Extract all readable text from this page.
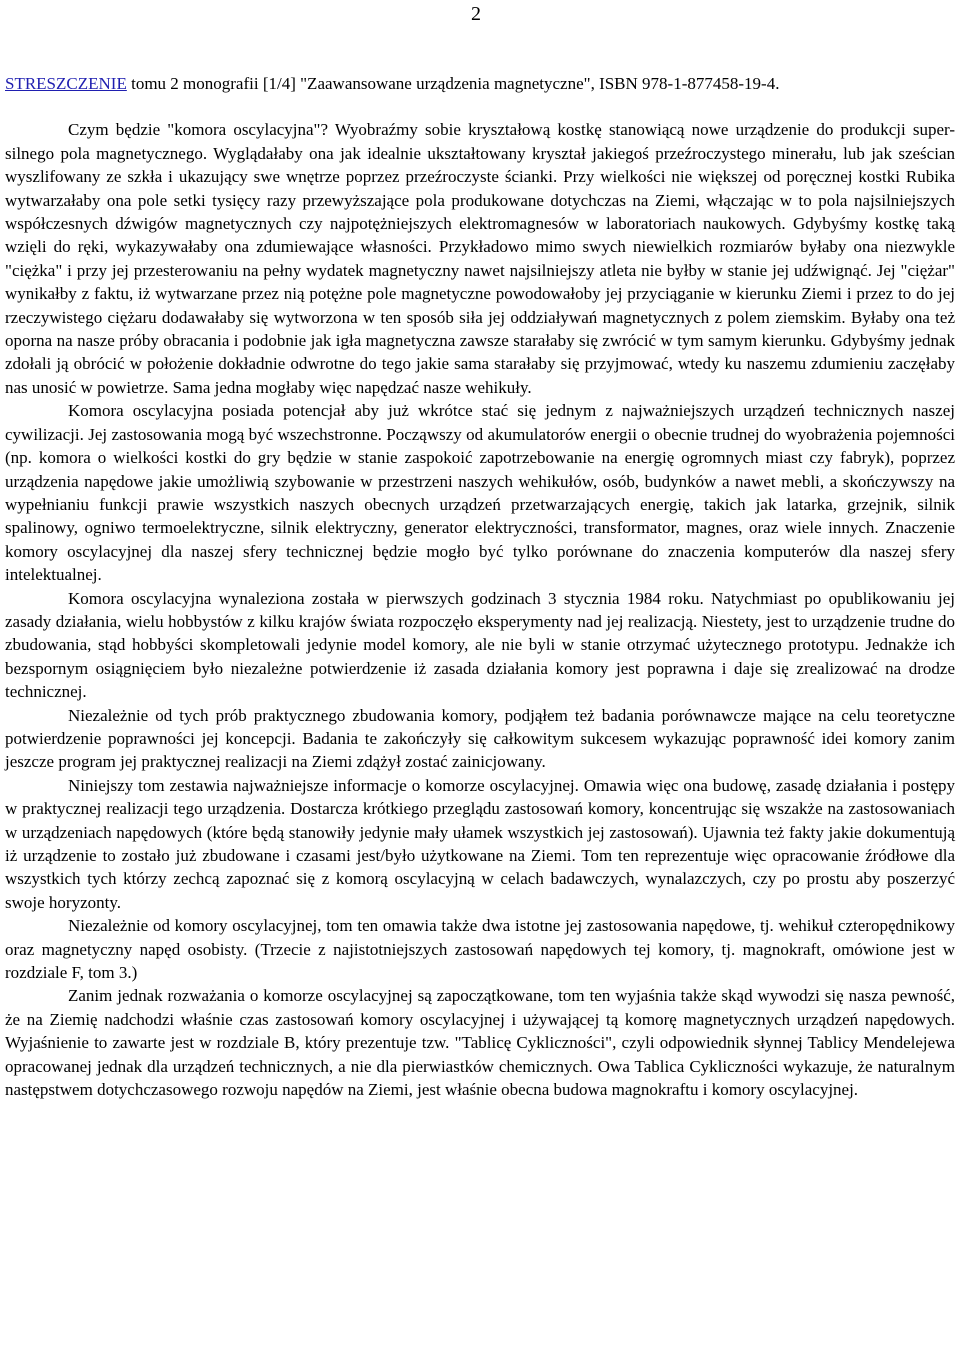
2

STRESZCZENIE tomu 2 monografii [1/4] "Zaawansowane urządzenia magnetyczne", ISBN 978-1-877458-19-4.

Czym będzie "komora oscylacyjna"? Wyobraźmy sobie kryształową kostkę stanowiącą nowe urządzenie do produkcji super-silnego pola magnetycznego. Wyglądałaby ona jak idealnie ukształtowany kryształ jakiegoś przeźroczystego minerału, lub jak sześcian wyszlifowany ze szkła i ukazujący swe wnętrze poprzez przeźroczyste ścianki. Przy wielkości nie większej od poręcznej kostki Rubika wytwarzałaby ona pole setki tysięcy razy przewyższające pola produkowane dotychczas na Ziemi, włączając w to pola najsilniejszych współczesnych dźwigów magnetycznych czy najpotężniejszych elektromagnesów w laboratoriach naukowych. Gdybyśmy kostkę taką wzięli do ręki, wykazywałaby ona zdumiewające własności. Przykładowo mimo swych niewielkich rozmiarów byłaby ona niezwykle "ciężka" i przy jej przesterowaniu na pełny wydatek magnetyczny nawet najsilniejszy atleta nie byłby w stanie jej udźwignąć. Jej "ciężar" wynikałby z faktu, iż wytwarzane przez nią potężne pole magnetyczne powodowałoby jej przyciąganie w kierunku Ziemi i przez to do jej rzeczywistego ciężaru dodawałaby się wytworzona w ten sposób siła jej oddziaływań magnetycznych z polem ziemskim. Byłaby ona też oporna na nasze próby obracania i podobnie jak igła magnetyczna zawsze starałaby się zwrócić w tym samym kierunku. Gdybyśmy jednak zdołali ją obrócić w położenie dokładnie odwrotne do tego jakie sama starałaby się przyjmować, wtedy ku naszemu zdumieniu zaczęłaby nas unosić w powietrze. Sama jedna mogłaby więc napędzać nasze wehikuły.

Komora oscylacyjna posiada potencjał aby już wkrótce stać się jednym z najważniejszych urządzeń technicznych naszej cywilizacji. Jej zastosowania mogą być wszechstronne. Począwszy od akumulatorów energii o obecnie trudnej do wyobrażenia pojemności (np. komora o wielkości kostki do gry będzie w stanie zaspokoić zapotrzebowanie na energię ogromnych miast czy fabryk), poprzez urządzenia napędowe jakie umożliwią szybowanie w przestrzeni naszych wehikułów, osób, budynków a nawet mebli, a skończywszy na wypełnianiu funkcji prawie wszystkich naszych obecnych urządzeń przetwarzających energię, takich jak latarka, grzejnik, silnik spalinowy, ogniwo termoelektryczne, silnik elektryczny, generator elektryczności, transformator, magnes, oraz wiele innych. Znaczenie komory oscylacyjnej dla naszej sfery technicznej będzie mogło być tylko porównane do znaczenia komputerów dla naszej sfery intelektualnej.

Komora oscylacyjna wynaleziona została w pierwszych godzinach 3 stycznia 1984 roku. Natychmiast po opublikowaniu jej zasady działania, wielu hobbystów z kilku krajów świata rozpoczęło eksperymenty nad jej realizacją. Niestety, jest to urządzenie trudne do zbudowania, stąd hobbyści skompletowali jedynie model komory, ale nie byli w stanie otrzymać użytecznego prototypu. Jednakże ich bezspornym osiągnięciem było niezależne potwierdzenie iż zasada działania komory jest poprawna i daje się zrealizować na drodze technicznej.

Niezależnie od tych prób praktycznego zbudowania komory, podjąłem też badania porównawcze mające na celu teoretyczne potwierdzenie poprawności jej koncepcji. Badania te zakończyły się całkowitym sukcesem wykazując poprawność idei komory zanim jeszcze program jej praktycznej realizacji na Ziemi zdążył zostać zainicjowany.

Niniejszy tom zestawia najważniejsze informacje o komorze oscylacyjnej. Omawia więc ona budowę, zasadę działania i postępy w praktycznej realizacji tego urządzenia. Dostarcza krótkiego przeglądu zastosowań komory, koncentrując się wszakże na zastosowaniach w urządzeniach napędowych (które będą stanowiły jedynie mały ułamek wszystkich jej zastosowań). Ujawnia też fakty jakie dokumentują iż urządzenie to zostało już zbudowane i czasami jest/było użytkowane na Ziemi. Tom ten reprezentuje więc opracowanie źródłowe dla wszystkich tych którzy zechcą zapoznać się z komorą oscylacyjną w celach badawczych, wynalazczych, czy po prostu aby poszerzyć swoje horyzonty.

Niezależnie od komory oscylacyjnej, tom ten omawia także dwa istotne jej zastosowania napędowe, tj. wehikuł czteropędnikowy oraz magnetyczny napęd osobisty. (Trzecie z najistotniejszych zastosowań napędowych tej komory, tj. magnokraft, omówione jest w rozdziale F, tom 3.)

Zanim jednak rozważania o komorze oscylacyjnej są zapoczątkowane, tom ten wyjaśnia także skąd wywodzi się nasza pewność, że na Ziemię nadchodzi właśnie czas zastosowań komory oscylacyjnej i używającej tą komorę magnetycznych urządzeń napędowych. Wyjaśnienie to zawarte jest w rozdziale B, który prezentuje tzw. "Tablicę Cykliczności", czyli odpowiednik słynnej Tablicy Mendelejewa opracowanej jednak dla urządzeń technicznych, a nie dla pierwiastków chemicznych. Owa Tablica Cykliczności wykazuje, że naturalnym następstwem dotychczasowego rozwoju napędów na Ziemi, jest właśnie obecna budowa magnokraftu i komory oscylacyjnej.
